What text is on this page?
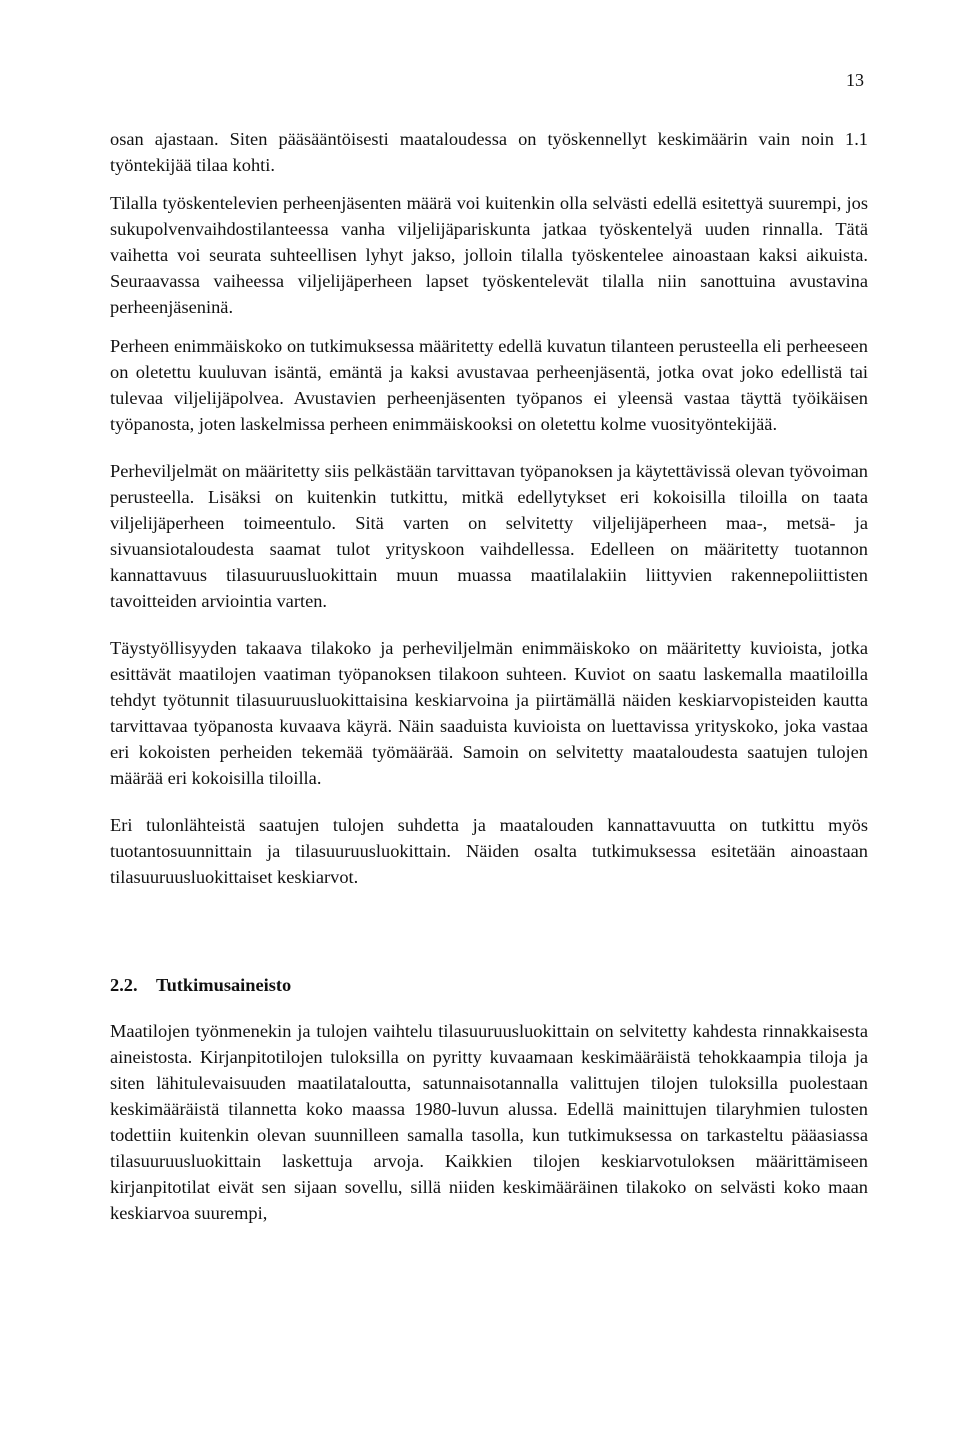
13

osan ajastaan. Siten pääsääntöisesti maataloudessa on työskennellyt keskimäärin vain noin 1.1 työntekijää tilaa kohti.

Tilalla työskentelevien perheenjäsenten määrä voi kuitenkin olla selvästi edellä esitettyä suurempi, jos sukupolvenvaihdostilanteessa vanha viljelijäpariskunta jatkaa työskentelyä uuden rinnalla. Tätä vaihetta voi seurata suhteellisen lyhyt jakso, jolloin tilalla työskentelee ainoastaan kaksi aikuista. Seuraavassa vaiheessa viljelijäperheen lapset työskentelevät tilalla niin sanottuina avustavina perheenjäseninä.

Perheen enimmäiskoko on tutkimuksessa määritetty edellä kuvatun tilanteen perusteella eli perheeseen on oletettu kuuluvan isäntä, emäntä ja kaksi avustavaa perheenjäsentä, jotka ovat joko edellistä tai tulevaa viljelijäpolvea. Avustavien perheenjäsenten työpanos ei yleensä vastaa täyttä työikäisen työpanosta, joten laskelmissa perheen enimmäiskooksi on oletettu kolme vuosityöntekijää.

Perheviljelmät on määritetty siis pelkästään tarvittavan työpanoksen ja käytettävissä olevan työvoiman perusteella. Lisäksi on kuitenkin tutkittu, mitkä edellytykset eri kokoisilla tiloilla on taata viljelijäperheen toimeentulo. Sitä varten on selvitetty viljelijäperheen maa-, metsä- ja sivuansiotaloudesta saamat tulot yrityskoon vaihdellessa. Edelleen on määritetty tuotannon kannattavuus tilasuuruusluokittain muun muassa maatilalakiin liittyvien rakennepoliittisten tavoitteiden arviointia varten.

Täystyöllisyyden takaava tilakoko ja perheviljelmän enimmäiskoko on määritetty kuvioista, jotka esittävät maatilojen vaatiman työpanoksen tilakoon suhteen. Kuviot on saatu laskemalla maatiloilla tehdyt työtunnit tilasuuruusluokittaisina keskiarvoina ja piirtämällä näiden keskiarvopisteiden kautta tarvittavaa työpanosta kuvaava käyrä. Näin saaduista kuvioista on luettavissa yrityskoko, joka vastaa eri kokoisten perheiden tekemää työmäärää. Samoin on selvitetty maataloudesta saatujen tulojen määrää eri kokoisilla tiloilla.

Eri tulonlähteistä saatujen tulojen suhdetta ja maatalouden kannattavuutta on tutkittu myös tuotantosuunnittain ja tilasuuruusluokittain. Näiden osalta tutkimuksessa esitetään ainoastaan tilasuuruusluokittaiset keskiarvot.

2.2. Tutkimusaineisto

Maatilojen työnmenekin ja tulojen vaihtelu tilasuuruusluokittain on selvitetty kahdesta rinnakkaisesta aineistosta. Kirjanpitotilojen tuloksilla on pyritty kuvaamaan keskimääräistä tehokkaampia tiloja ja siten lähitulevaisuuden maatilataloutta, satunnaisotannalla valittujen tilojen tuloksilla puolestaan keskimääräistä tilannetta koko maassa 1980-luvun alussa. Edellä mainittujen tilaryhmien tulosten todettiin kuitenkin olevan suunnilleen samalla tasolla, kun tutkimuksessa on tarkasteltu pääasiassa tilasuuruusluokittain laskettuja arvoja. Kaikkien tilojen keskiarvotuloksen määrittämiseen kirjanpitotilat eivät sen sijaan sovellu, sillä niiden keskimääräinen tilakoko on selvästi koko maan keskiarvoa suurempi,
